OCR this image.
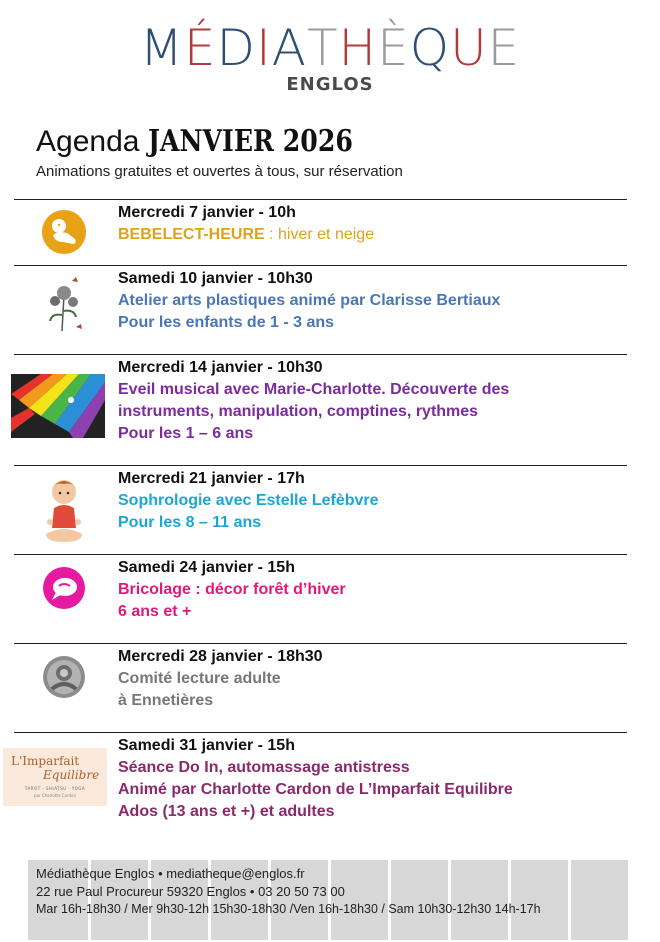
MÉDIATHÈQUE
ENGLOS
Agenda JANVIER 2026
Animations gratuites et ouvertes à tous, sur réservation
Mercredi 7 janvier - 10h
BEBELECT-HEURE : hiver et neige
Samedi 10 janvier - 10h30
Atelier arts plastiques animé par Clarisse Bertiaux
Pour les enfants de 1 - 3 ans
Mercredi 14 janvier - 10h30
Eveil musical avec Marie-Charlotte. Découverte des
instruments, manipulation, comptines, rythmes
Pour les 1 – 6 ans
Mercredi 21 janvier - 17h
Sophrologie avec Estelle Lefèbvre
Pour les 8 – 11 ans
Samedi 24 janvier - 15h
Bricolage : décor forêt d’hiver
6 ans et +
Mercredi 28 janvier - 18h30
Comité lecture adulte
à Ennetières
L'Imparfait
Equilibre
TAROT · SHIATSU · YOGA
par Charlotte Cardon
Samedi 31 janvier - 15h
Séance Do In, automassage antistress
Animé par Charlotte Cardon de L’Imparfait Equilibre
Ados (13 ans et +) et adultes
Médiathèque Englos • mediatheque@englos.fr
22 rue Paul Procureur 59320 Englos • 03 20 50 73 00
Mar 16h-18h30 / Mer 9h30-12h 15h30-18h30 /Ven 16h-18h30 / Sam 10h30-12h30 14h-17h
